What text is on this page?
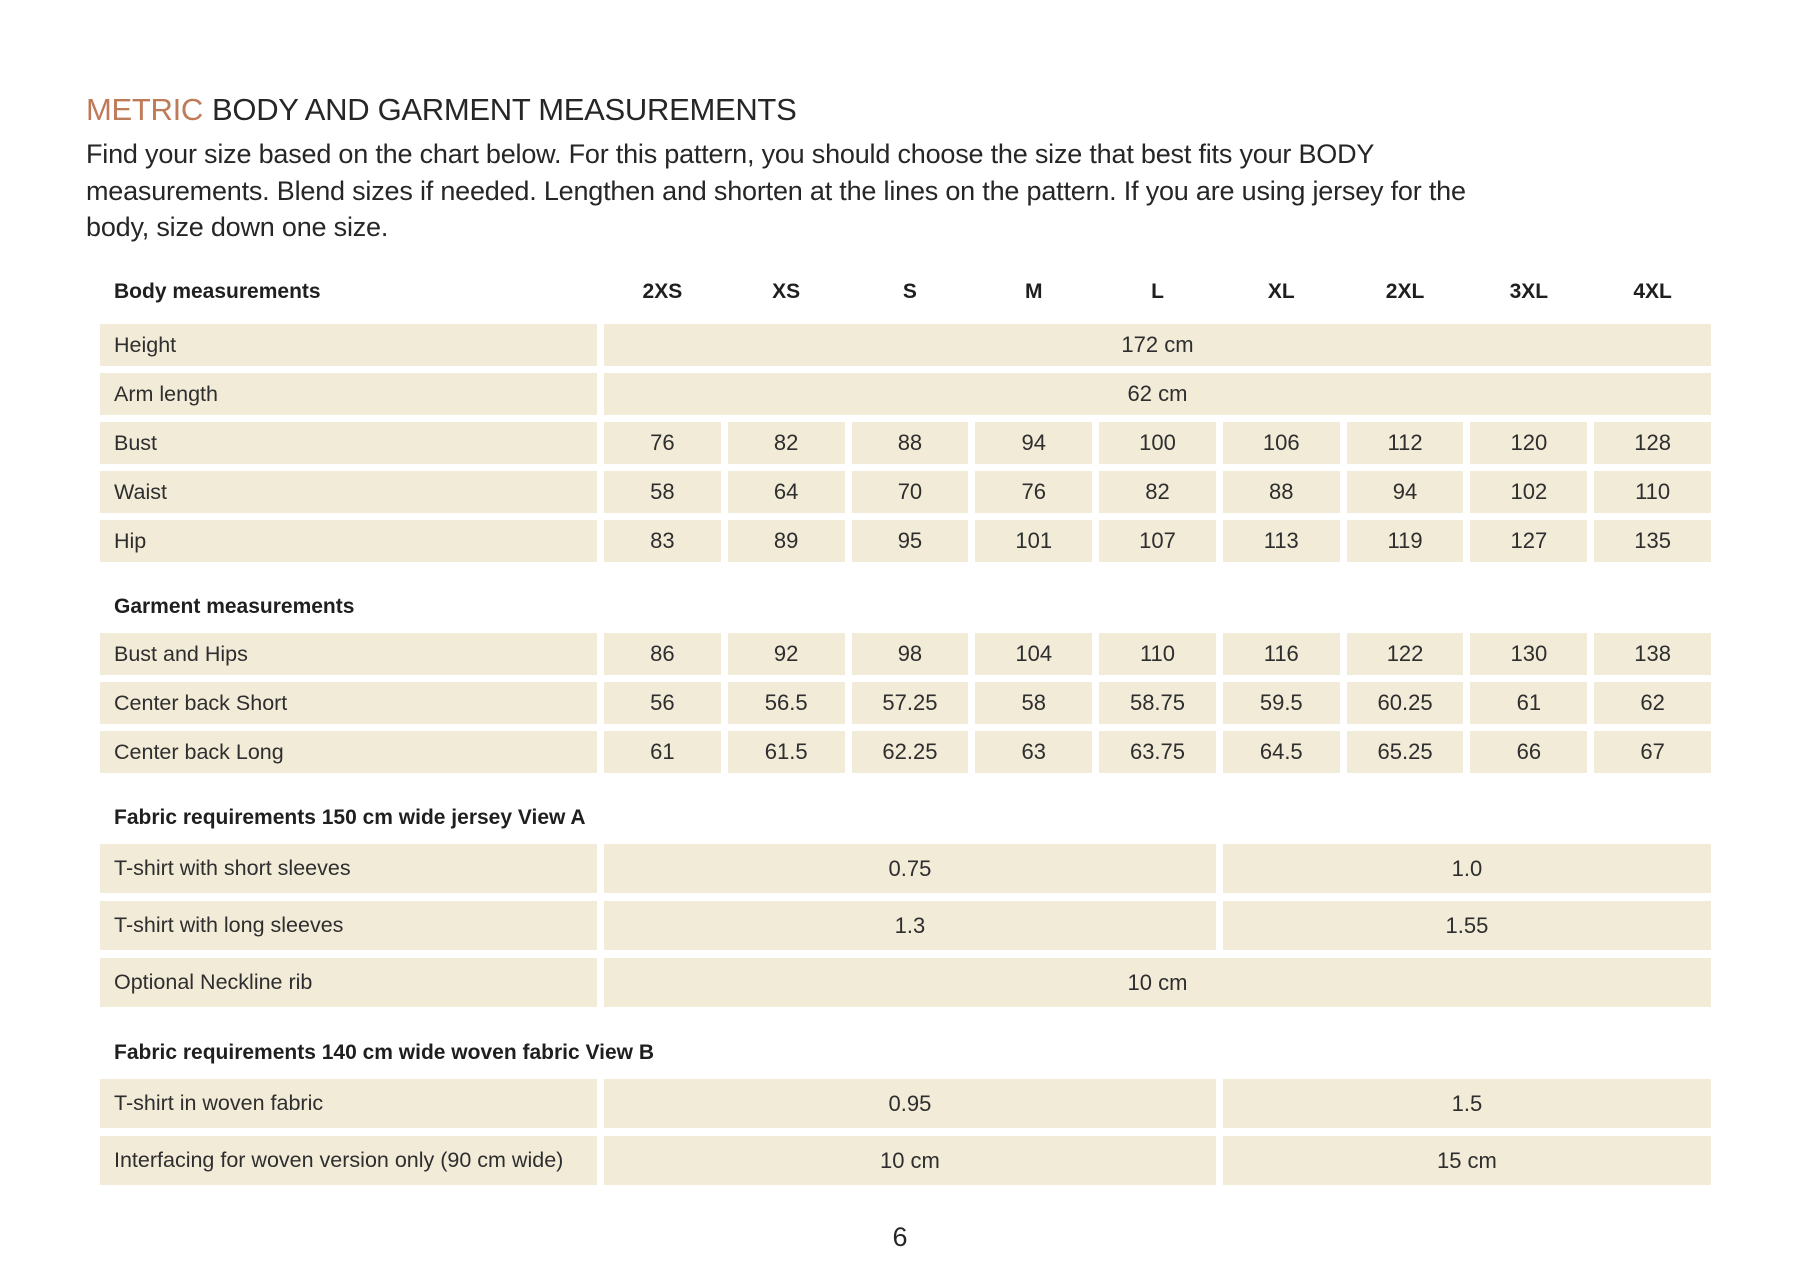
METRIC BODY AND GARMENT MEASUREMENTS
Find your size based on the chart below. For this pattern, you should choose the size that best fits your BODY
measurements. Blend sizes if needed. Lengthen and shorten at the lines on the pattern. If you are using jersey for the
body, size down one size.
Body measurements	2XS	XS	S	M	L	XL	2XL	3XL	4XL
Height	172 cm
Arm length	62 cm
Bust	76	82	88	94	100	106	112	120	128
Waist	58	64	70	76	82	88	94	102	110
Hip	83	89	95	101	107	113	119	127	135
Garment measurements
Bust and Hips	86	92	98	104	110	116	122	130	138
Center back Short	56	56.5	57.25	58	58.75	59.5	60.25	61	62
Center back Long	61	61.5	62.25	63	63.75	64.5	65.25	66	67
Fabric requirements 150 cm wide jersey View A
T-shirt with short sleeves	0.75	1.0
T-shirt with long sleeves	1.3	1.55
Optional Neckline rib	10 cm
Fabric requirements 140 cm wide woven fabric View B
T-shirt in woven fabric	0.95	1.5
Interfacing for woven version only (90 cm wide)	10 cm	15 cm
6
